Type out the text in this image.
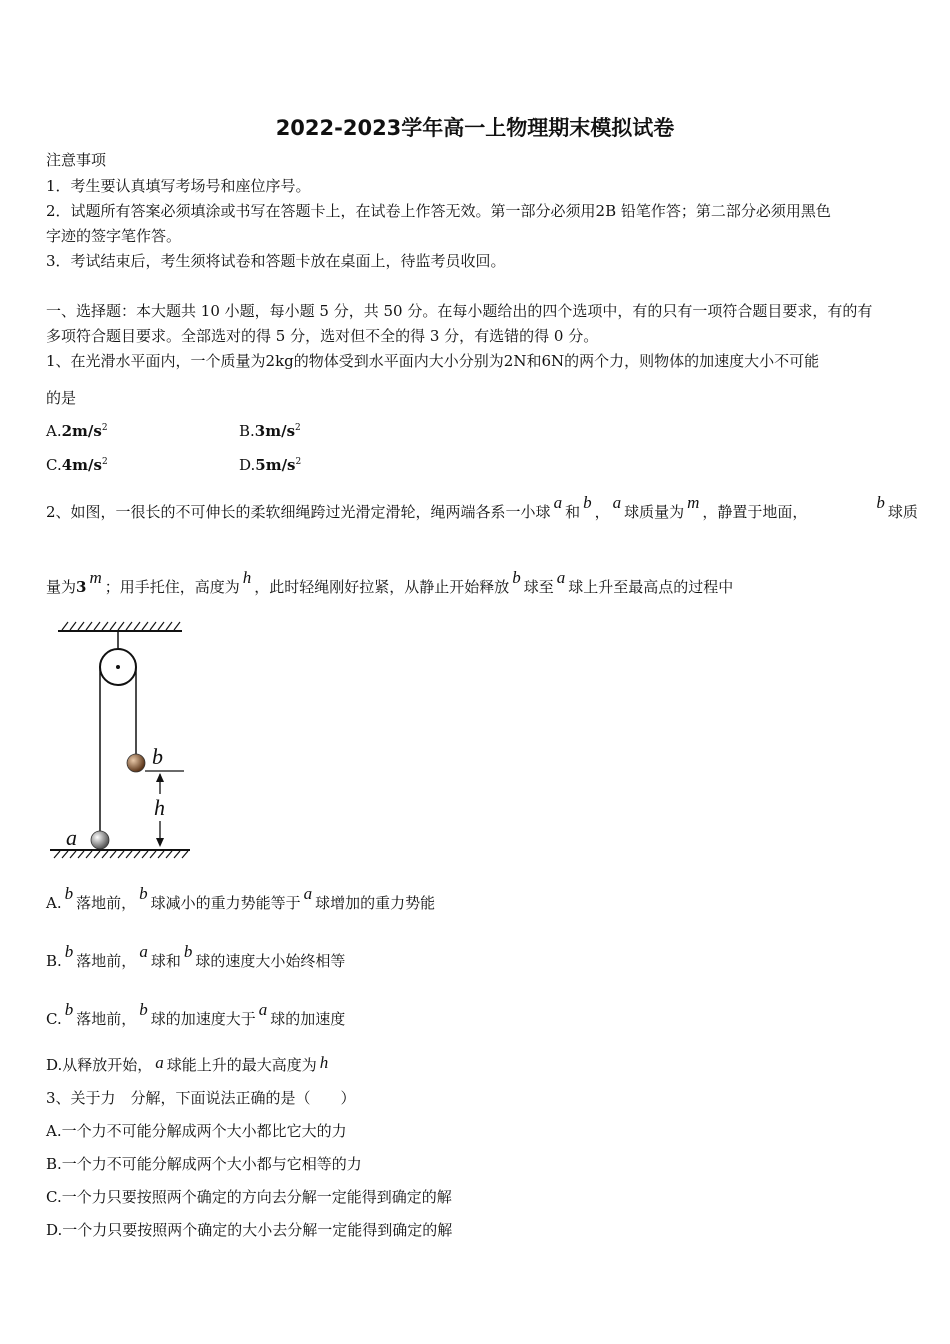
2022-2023学年高一上物理期末模拟试卷
注意事项
1．考生要认真填写考场号和座位序号。
2．试题所有答案必须填涂或书写在答题卡上，在试卷上作答无效。第一部分必须用2B 铅笔作答；第二部分必须用黑色
字迹的签字笔作答。
3．考试结束后，考生须将试卷和答题卡放在桌面上，待监考员收回。
一、选择题：本大题共 10 小题，每小题 5 分，共 50 分。在每小题给出的四个选项中，有的只有一项符合题目要求，有的有
多项符合题目要求。全部选对的得 5 分，选对但不全的得 3 分，有选错的得 0 分。
1、在光滑水平面内，一个质量为2kg的物体受到水平面内大小分别为2N和6N的两个力，则物体的加速度大小不可能
的是
$A.2m/s^2$	$B.3m/s^2$
$C.4m/s^2$	$D.5m/s^2$
2、如图，一很长的不可伸长的柔软细绳跨过光滑定滑轮，绳两端各系一小球 a 和 b ， a 球质量为 m ，静置于地面，	b 球质
量为3 m ；用手托住，高度为 h ，此时轻绳刚好拉紧，从静止开始释放 b 球至 a 球上升至最高点的过程中
b
h
a
A. b 落地前， b 球减小的重力势能等于 a 球增加的重力势能
B. b 落地前， a 球和 b 球的速度大小始终相等
C. b 落地前， b 球的加速度大于 a 球的加速度
D.从释放开始， a 球能上升的最大高度为 h
3、关于力　分解，下面说法正确的是（　　）
A.一个力不可能分解成两个大小都比它大的力
B.一个力不可能分解成两个大小都与它相等的力
C.一个力只要按照两个确定的方向去分解一定能得到确定的解
D.一个力只要按照两个确定的大小去分解一定能得到确定的解
